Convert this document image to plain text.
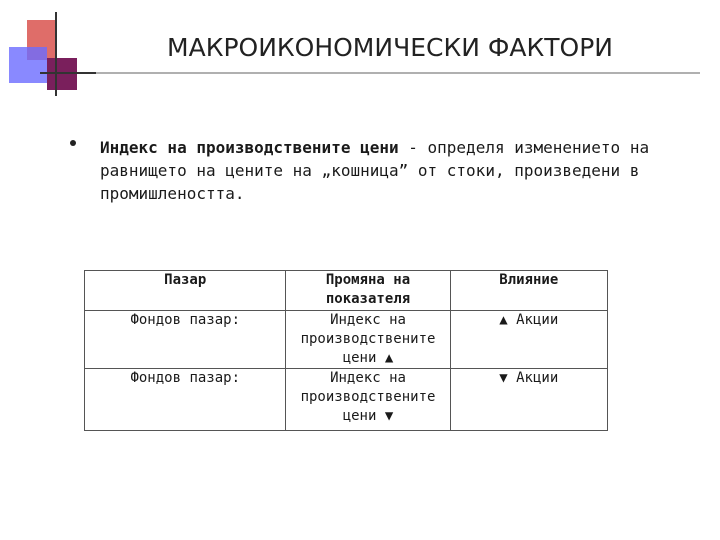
МАКРОИКОНОМИЧЕСКИ ФАКТОРИ
Индекс на производствените цени - определя изменението на равнището на цените на „кошница” от стоки, произведени в промишлеността.
Пазар	Промяна на показателя	Влияние
Фондов пазар:	Индекс на производствените цени ▲	▲ Акции
Фондов пазар:	Индекс на производствените цени ▼	▼ Акции
